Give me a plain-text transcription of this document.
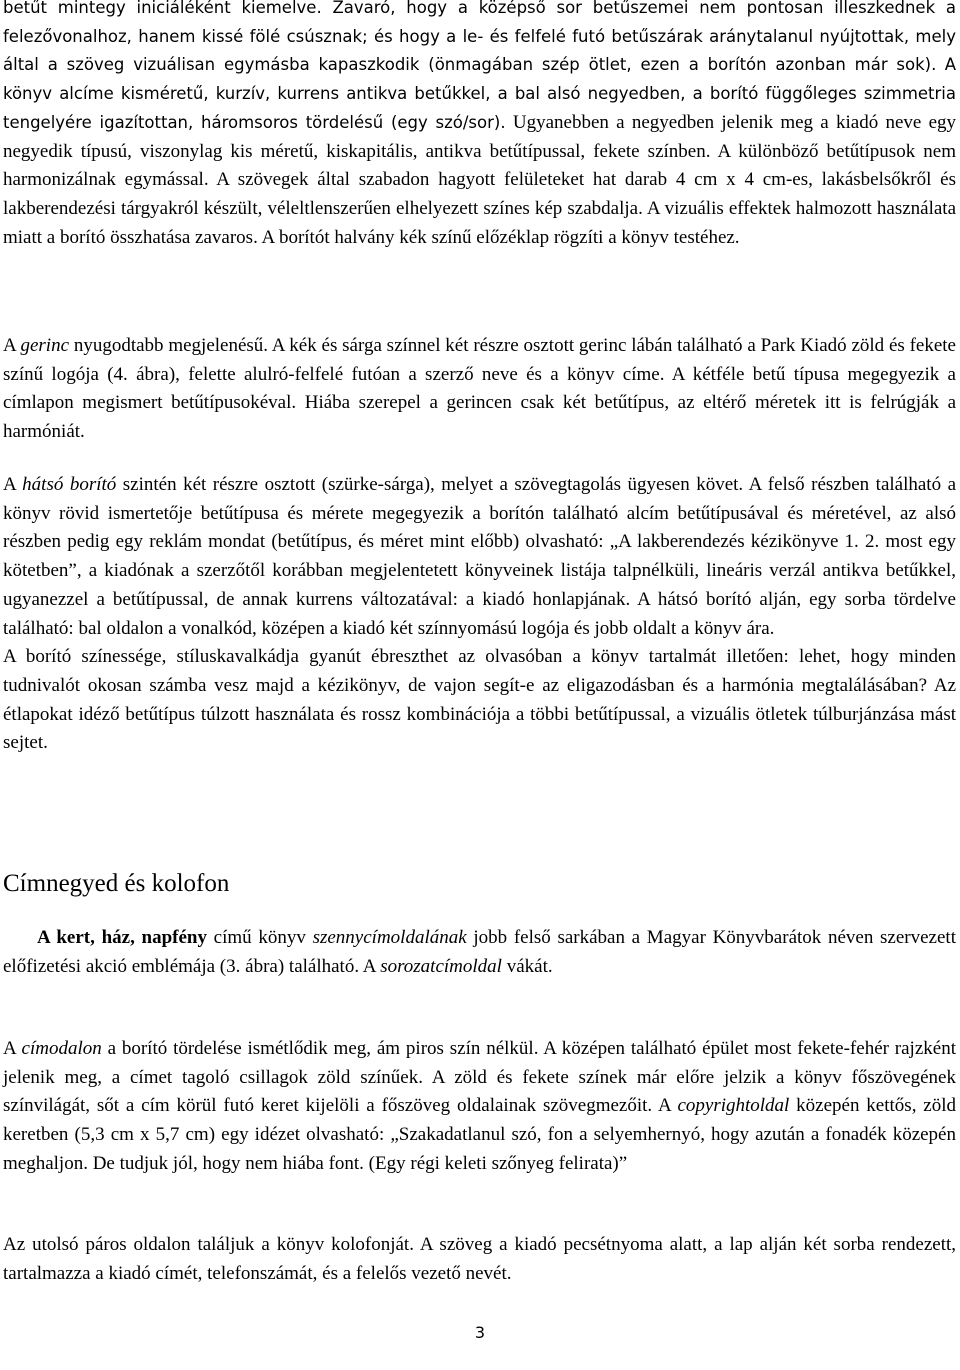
betűt mintegy iniciáléként kiemelve. Zavaró, hogy a középső sor betűszemei nem pontosan illeszkednek a felezővonalhoz, hanem kissé fölé csúsznak; és hogy a le- és felfelé futó betűszárak aránytalanul nyújtottak, mely által a szöveg vizuálisan egymásba kapaszkodik (önmagában szép ötlet, ezen a borítón azonban már sok). A könyv alcíme kisméretű, kurzív, kurrens antikva betűkkel, a bal alsó negyedben, a borító függőleges szimmetria tengelyére igazítottan, háromsoros tördelésű (egy szó/sor). Ugyanebben a negyedben jelenik meg a kiadó neve egy negyedik típusú, viszonylag kis méretű, kiskapitális, antikva betűtípussal, fekete színben. A különböző betűtípusok nem harmonizálnak egymással. A szövegek által szabadon hagyott felületeket hat darab 4 cm x 4 cm-es, lakásbelsőkről és lakberendezési tárgyakról készült, véleltlenszerűen elhelyezett színes kép szabdalja. A vizuális effektek halmozott használata miatt a borító összhatása zavaros. A borítót halvány kék színű előzéklap rögzíti a könyv testéhez.

A gerinc nyugodtabb megjelenésű. A kék és sárga színnel két részre osztott gerinc lábán található a Park Kiadó zöld és fekete színű logója (4. ábra), felette alulró-felfelé futóan a szerző neve és a könyv címe. A kétféle betű típusa megegyezik a címlapon megismert betűtípusokéval. Hiába szerepel a gerincen csak két betűtípus, az eltérő méretek itt is felrúgják a harmóniát.

A hátsó borító szintén két részre osztott (szürke-sárga), melyet a szövegtagolás ügyesen követ. A felső részben található a könyv rövid ismertetője betűtípusa és mérete megegyezik a borítón található alcím betűtípusával és méretével, az alsó részben pedig egy reklám mondat (betűtípus, és méret mint előbb) olvasható: „A lakberendezés kézikönyve 1. 2. most egy kötetben”, a kiadónak a szerzőtől korábban megjelentetett könyveinek listája talpnélküli, lineáris verzál antikva betűkkel, ugyanezzel a betűtípussal, de annak kurrens változatával: a kiadó honlapjának. A hátsó borító alján, egy sorba tördelve található: bal oldalon a vonalkód, középen a kiadó két színnyomású logója és jobb oldalt a könyv ára.

A borító színessége, stíluskavalkádja gyanút ébreszthet az olvasóban a könyv tartalmát illetően: lehet, hogy minden tudnivalót okosan számba vesz majd a kézikönyv, de vajon segít-e az eligazodásban és a harmónia megtalálásában? Az étlapokat idéző betűtípus túlzott használata és rossz kombinációja a többi betűtípussal, a vizuális ötletek túlburjánzása mást sejtet.

Címnegyed és kolofon

A kert, ház, napfény című könyv szennycímoldalának jobb felső sarkában a Magyar Könyvbarátok néven szervezett előfizetési akció emblémája (3. ábra) található. A sorozatcímoldal vákát.

A címodalon a borító tördelése ismétlődik meg, ám piros szín nélkül. A középen található épület most fekete-fehér rajzként jelenik meg, a címet tagoló csillagok zöld színűek. A zöld és fekete színek már előre jelzik a könyv főszövegének színvilágát, sőt a cím körül futó keret kijelöli a főszöveg oldalainak szövegmezőit. A copyrightoldal közepén kettős, zöld keretben (5,3 cm x 5,7 cm) egy idézet olvasható: „Szakadatlanul szó, fon a selyemhernyó, hogy azután a fonadék közepén meghaljon. De tudjuk jól, hogy nem hiába font. (Egy régi keleti szőnyeg felirata)”

Az utolsó páros oldalon találjuk a könyv kolofonját. A szöveg a kiadó pecsétnyoma alatt, a lap alján két sorba rendezett, tartalmazza a kiadó címét, telefonszámát, és a felelős vezető nevét.

3
